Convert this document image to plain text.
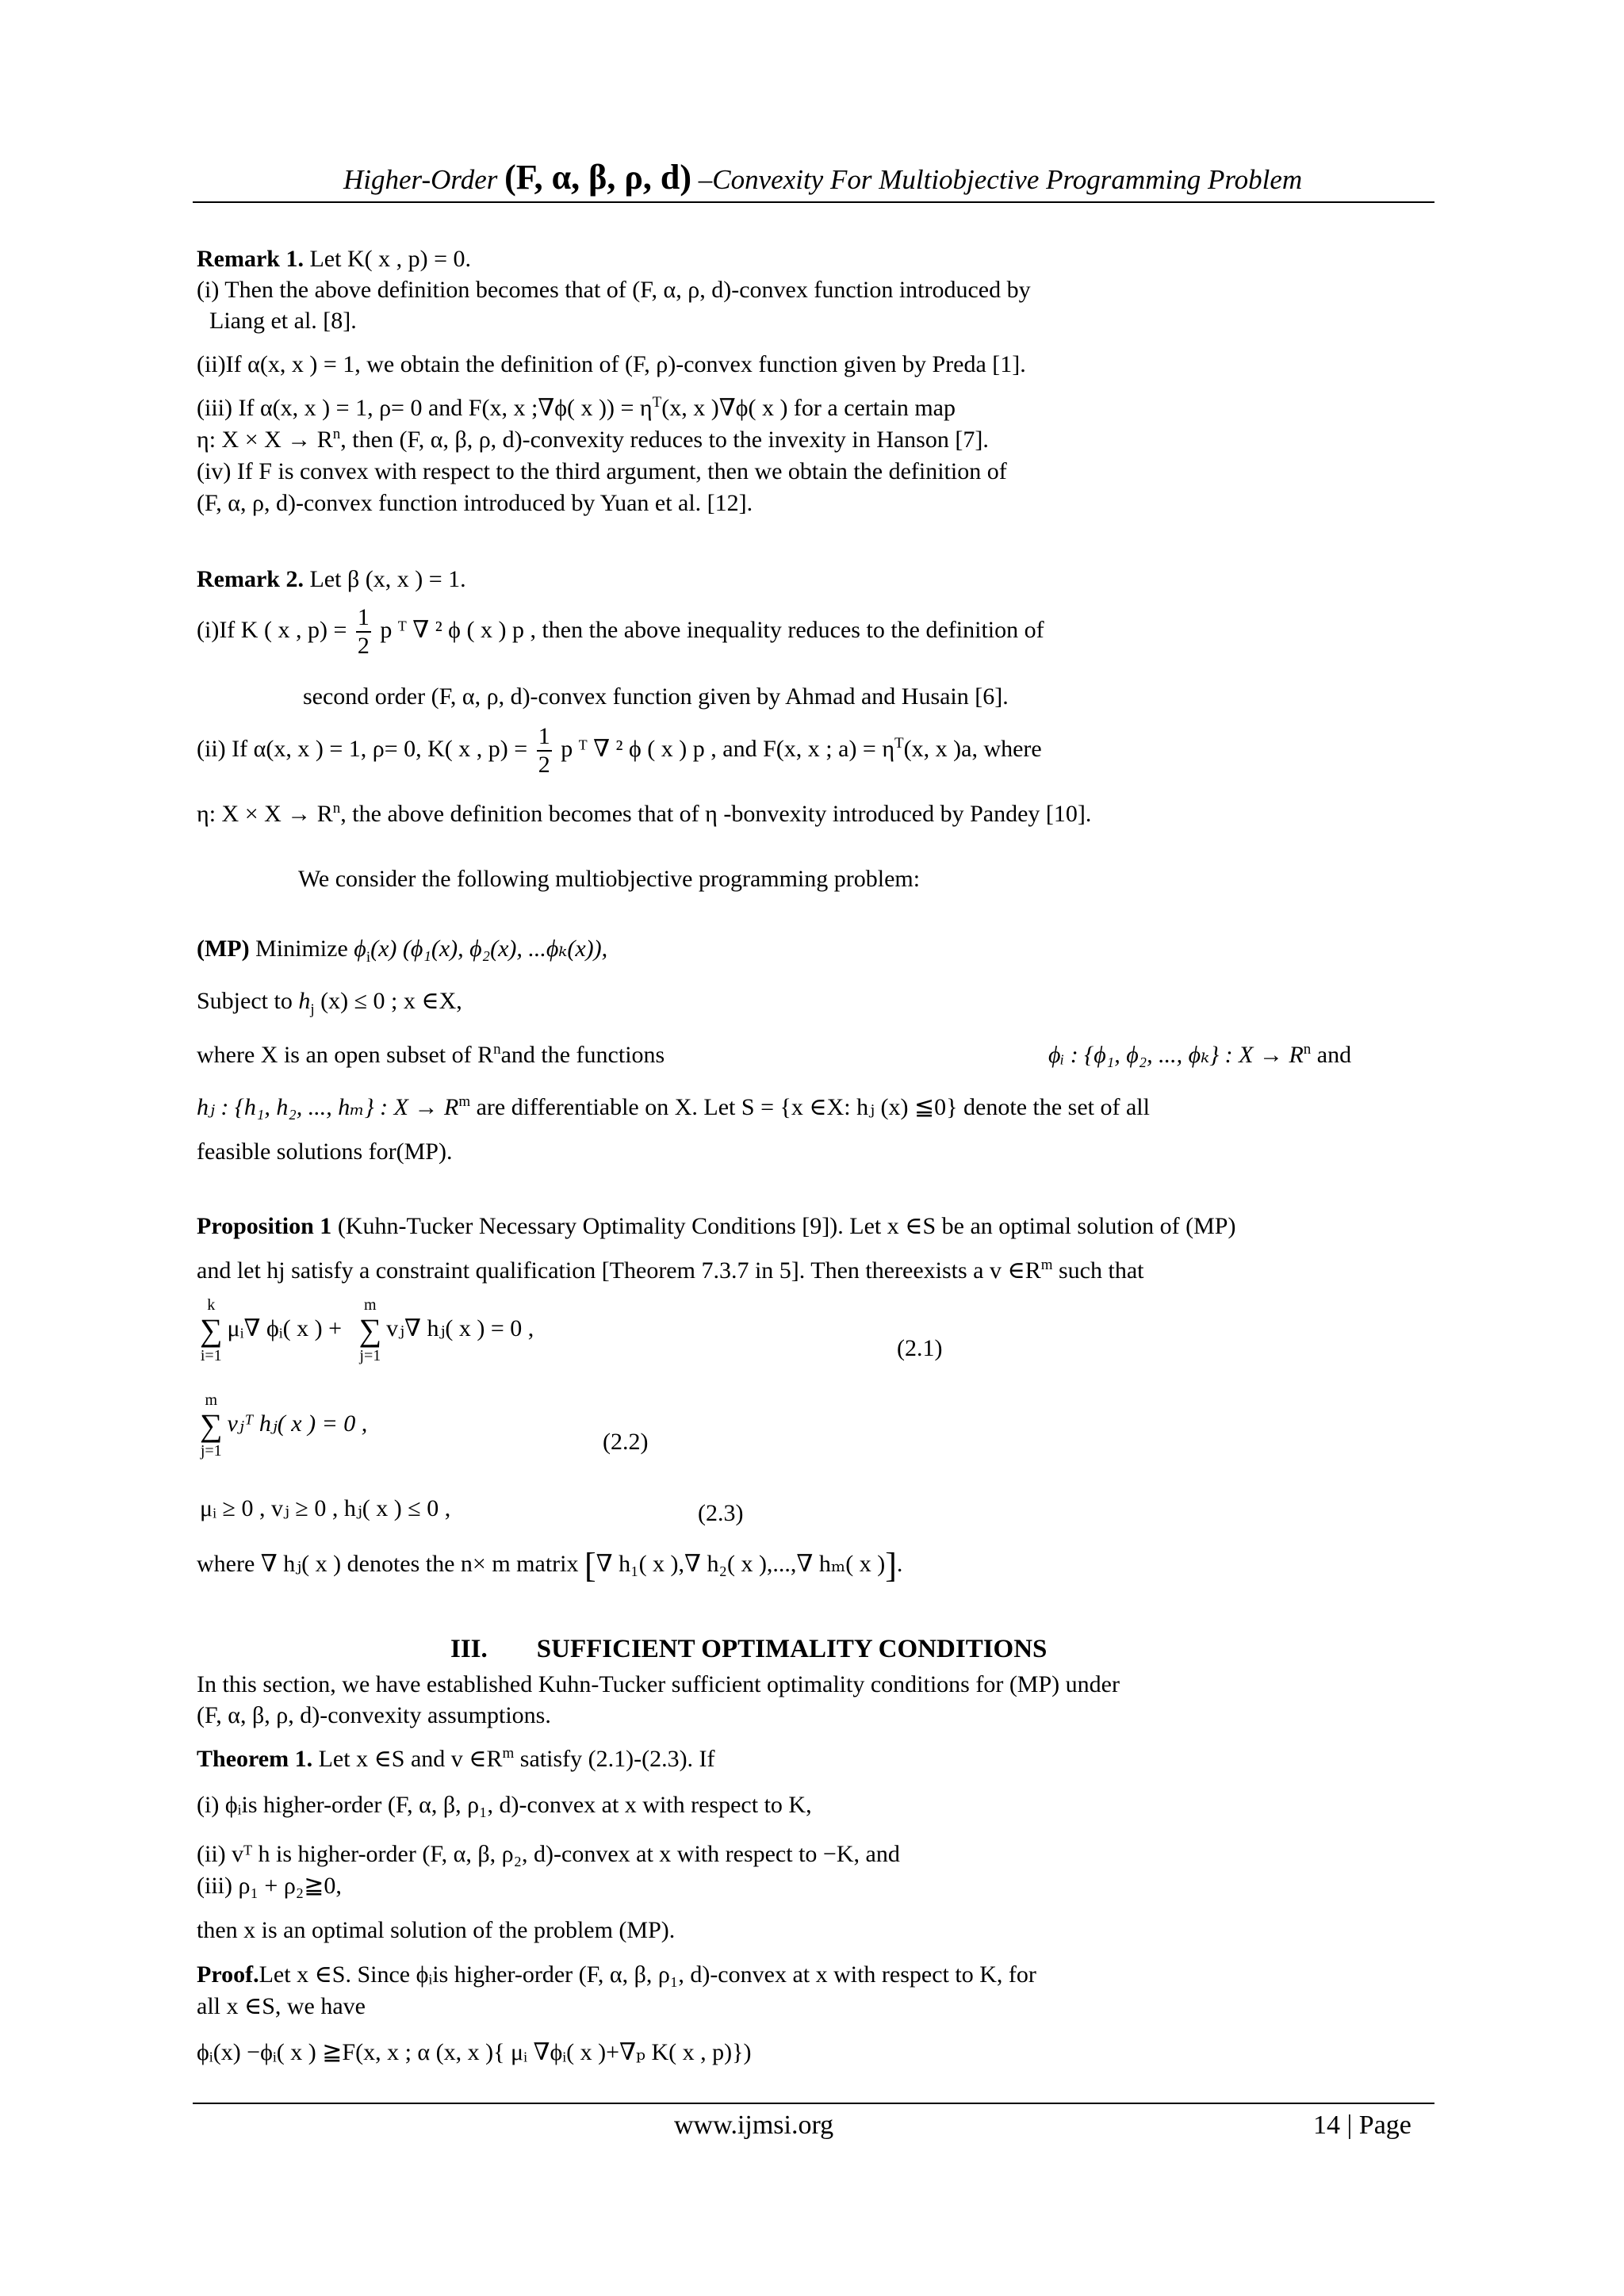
Higher-Order (F, α, β, ρ, d) –Convexity For Multiobjective Programming Problem
Remark 1. Let K( x , p) = 0.
(i) Then the above definition becomes that of (F, α, ρ, d)-convex function introduced by
Liang et al. [8].
(ii)If α(x, x ) = 1, we obtain the definition of (F, ρ)-convex function given by Preda [1].
(iii) If α(x, x ) = 1, ρ= 0 and F(x, x ;∇ϕ( x )) = $\eta^T(x$, x )∇ϕ( x ) for a certain map
η: $X \times X \to R^n$, then (F, α, β, ρ, d)-convexity reduces to the invexity in Hanson [7].
(iv) If F is convex with respect to the third argument, then we obtain the definition of
(F, α, ρ, d)-convex function introduced by Yuan et al. [12].
Remark 2. Let β (x, x ) = 1.
(i)If K ( x , $p) = \frac{1}{2}$ p ᵀ ∇ ² ϕ ( x ) p , then the above inequality reduces to the definition of
second order (F, α, ρ, d)-convex function given by Ahmad and Husain [6].
(ii) If α(x, x ) = 1, ρ= 0, K( x , $p) = \frac{1}{2}$ p ᵀ ∇ ² ϕ ( x ) p , and F(x, x ; $a) = \eta^T(x$, x )a, where
η: $X \times X \to R^n$, the above definition becomes that of η -bonvexity introduced by Pandey [10].
We consider the following multiobjective programming problem:
(MP) Minimize $\phi_i(x)$ (ϕ₁(x), ϕ₂(x), ...ϕₖ(x)),
Subject to $h_j$ (x) ≤ 0 ; x ∈X,
where X is an open subset of $R^nand$ the functions	ϕᵢ : {ϕ₁, ϕ₂, ..., ϕₖ} : $X \to R^n$ and
hⱼ : {h₁, h₂, ..., hₘ} : $X \to R^m$ are differentiable on X. Let S = {x ∈X: hⱼ (x) ≦0} denote the set of all
feasible solutions for(MP).
Proposition 1 (Kuhn-Tucker Necessary Optimality Conditions [9]). Let x ∈S be an optimal solution of (MP)
and let hj satisfy a constraint qualification [Theorem 7.3.7 in 5]. Then thereexists a v $\in R^m$ such that
k
∑
i=1μᵢ∇ ϕᵢ( x ) + m
∑
j=1vⱼ∇ hⱼ( x ) = 0 ,
(2.1)
m
∑
j=1vⱼᵀ hⱼ( x ) = 0 ,
(2.2)
μᵢ ≥ 0 , vⱼ ≥ 0 , hⱼ( x ) ≤ 0 ,	(2.3)
where ∇ hⱼ( x ) denotes the n× m matrix [∇ h₁( x ),∇ h₂( x ),...,∇ hₘ( x )].
III. SUFFICIENT OPTIMALITY CONDITIONS
In this section, we have established Kuhn-Tucker sufficient optimality conditions for (MP) under
(F, α, β, ρ, d)-convexity assumptions.
Theorem 1. Let x ∈S and v $\in R^m$ satisfy (2.1)-(2.3). If
(i) ϕᵢis higher-order (F, α, β, ρ₁, d)-convex at x with respect to K,
(ii) vᵀ h is higher-order (F, α, β, ρ₂, d)-convex at x with respect to −K, and
(iii) ρ₁ + ρ₂≧0,
then x is an optimal solution of the problem (MP).
Proof.Let x ∈S. Since ϕᵢis higher-order (F, α, β, ρ₁, d)-convex at x with respect to K, for
all x ∈S, we have
ϕᵢ(x) −ϕᵢ( x ) ≧F(x, x ; α (x, x ){ μᵢ ∇ϕᵢ( x )+∇ₚ K( x , p)})
www.ijmsi.org	14 | Page
